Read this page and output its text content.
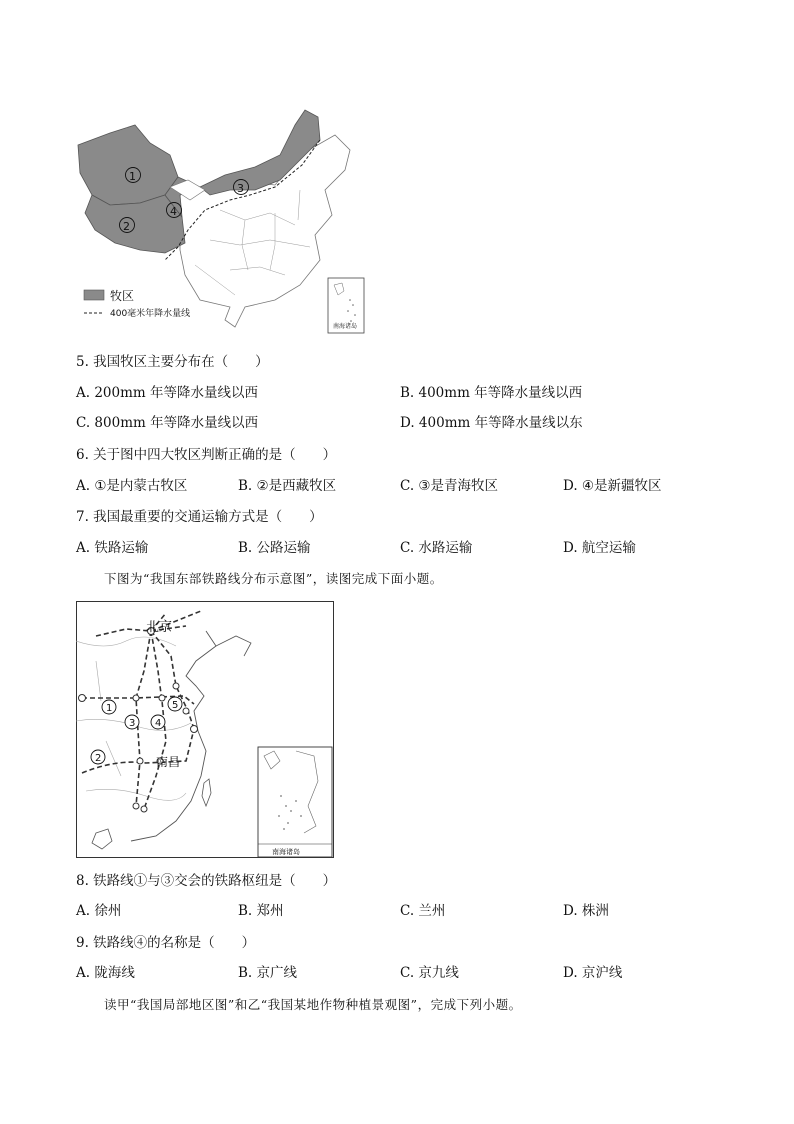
1
2
3
4
牧区
400毫米年降水量线
南海诸岛
5. 我国牧区主要分布在（　　）
A. 200mm 年等降水量线以西	B. 400mm 年等降水量线以西
C. 800mm 年等降水量线以西	D. 400mm 年等降水量线以东
6. 关于图中四大牧区判断正确的是（　　）
A. ①是内蒙古牧区	B. ②是西藏牧区	C. ③是青海牧区	D. ④是新疆牧区
7. 我国最重要的交通运输方式是（　　）
A. 铁路运输	B. 公路运输	C. 水路运输	D. 航空运输
下图为“我国东部铁路线分布示意图”，读图完成下面小题。
1
2
3 4
5
北京
南昌
南海诸岛
8. 铁路线①与③交会的铁路枢纽是（　　）
A. 徐州	B. 郑州	C. 兰州	D. 株洲
9. 铁路线④的名称是（　　）
A. 陇海线	B. 京广线	C. 京九线	D. 京沪线
读甲“我国局部地区图”和乙“我国某地作物种植景观图”，完成下列小题。
